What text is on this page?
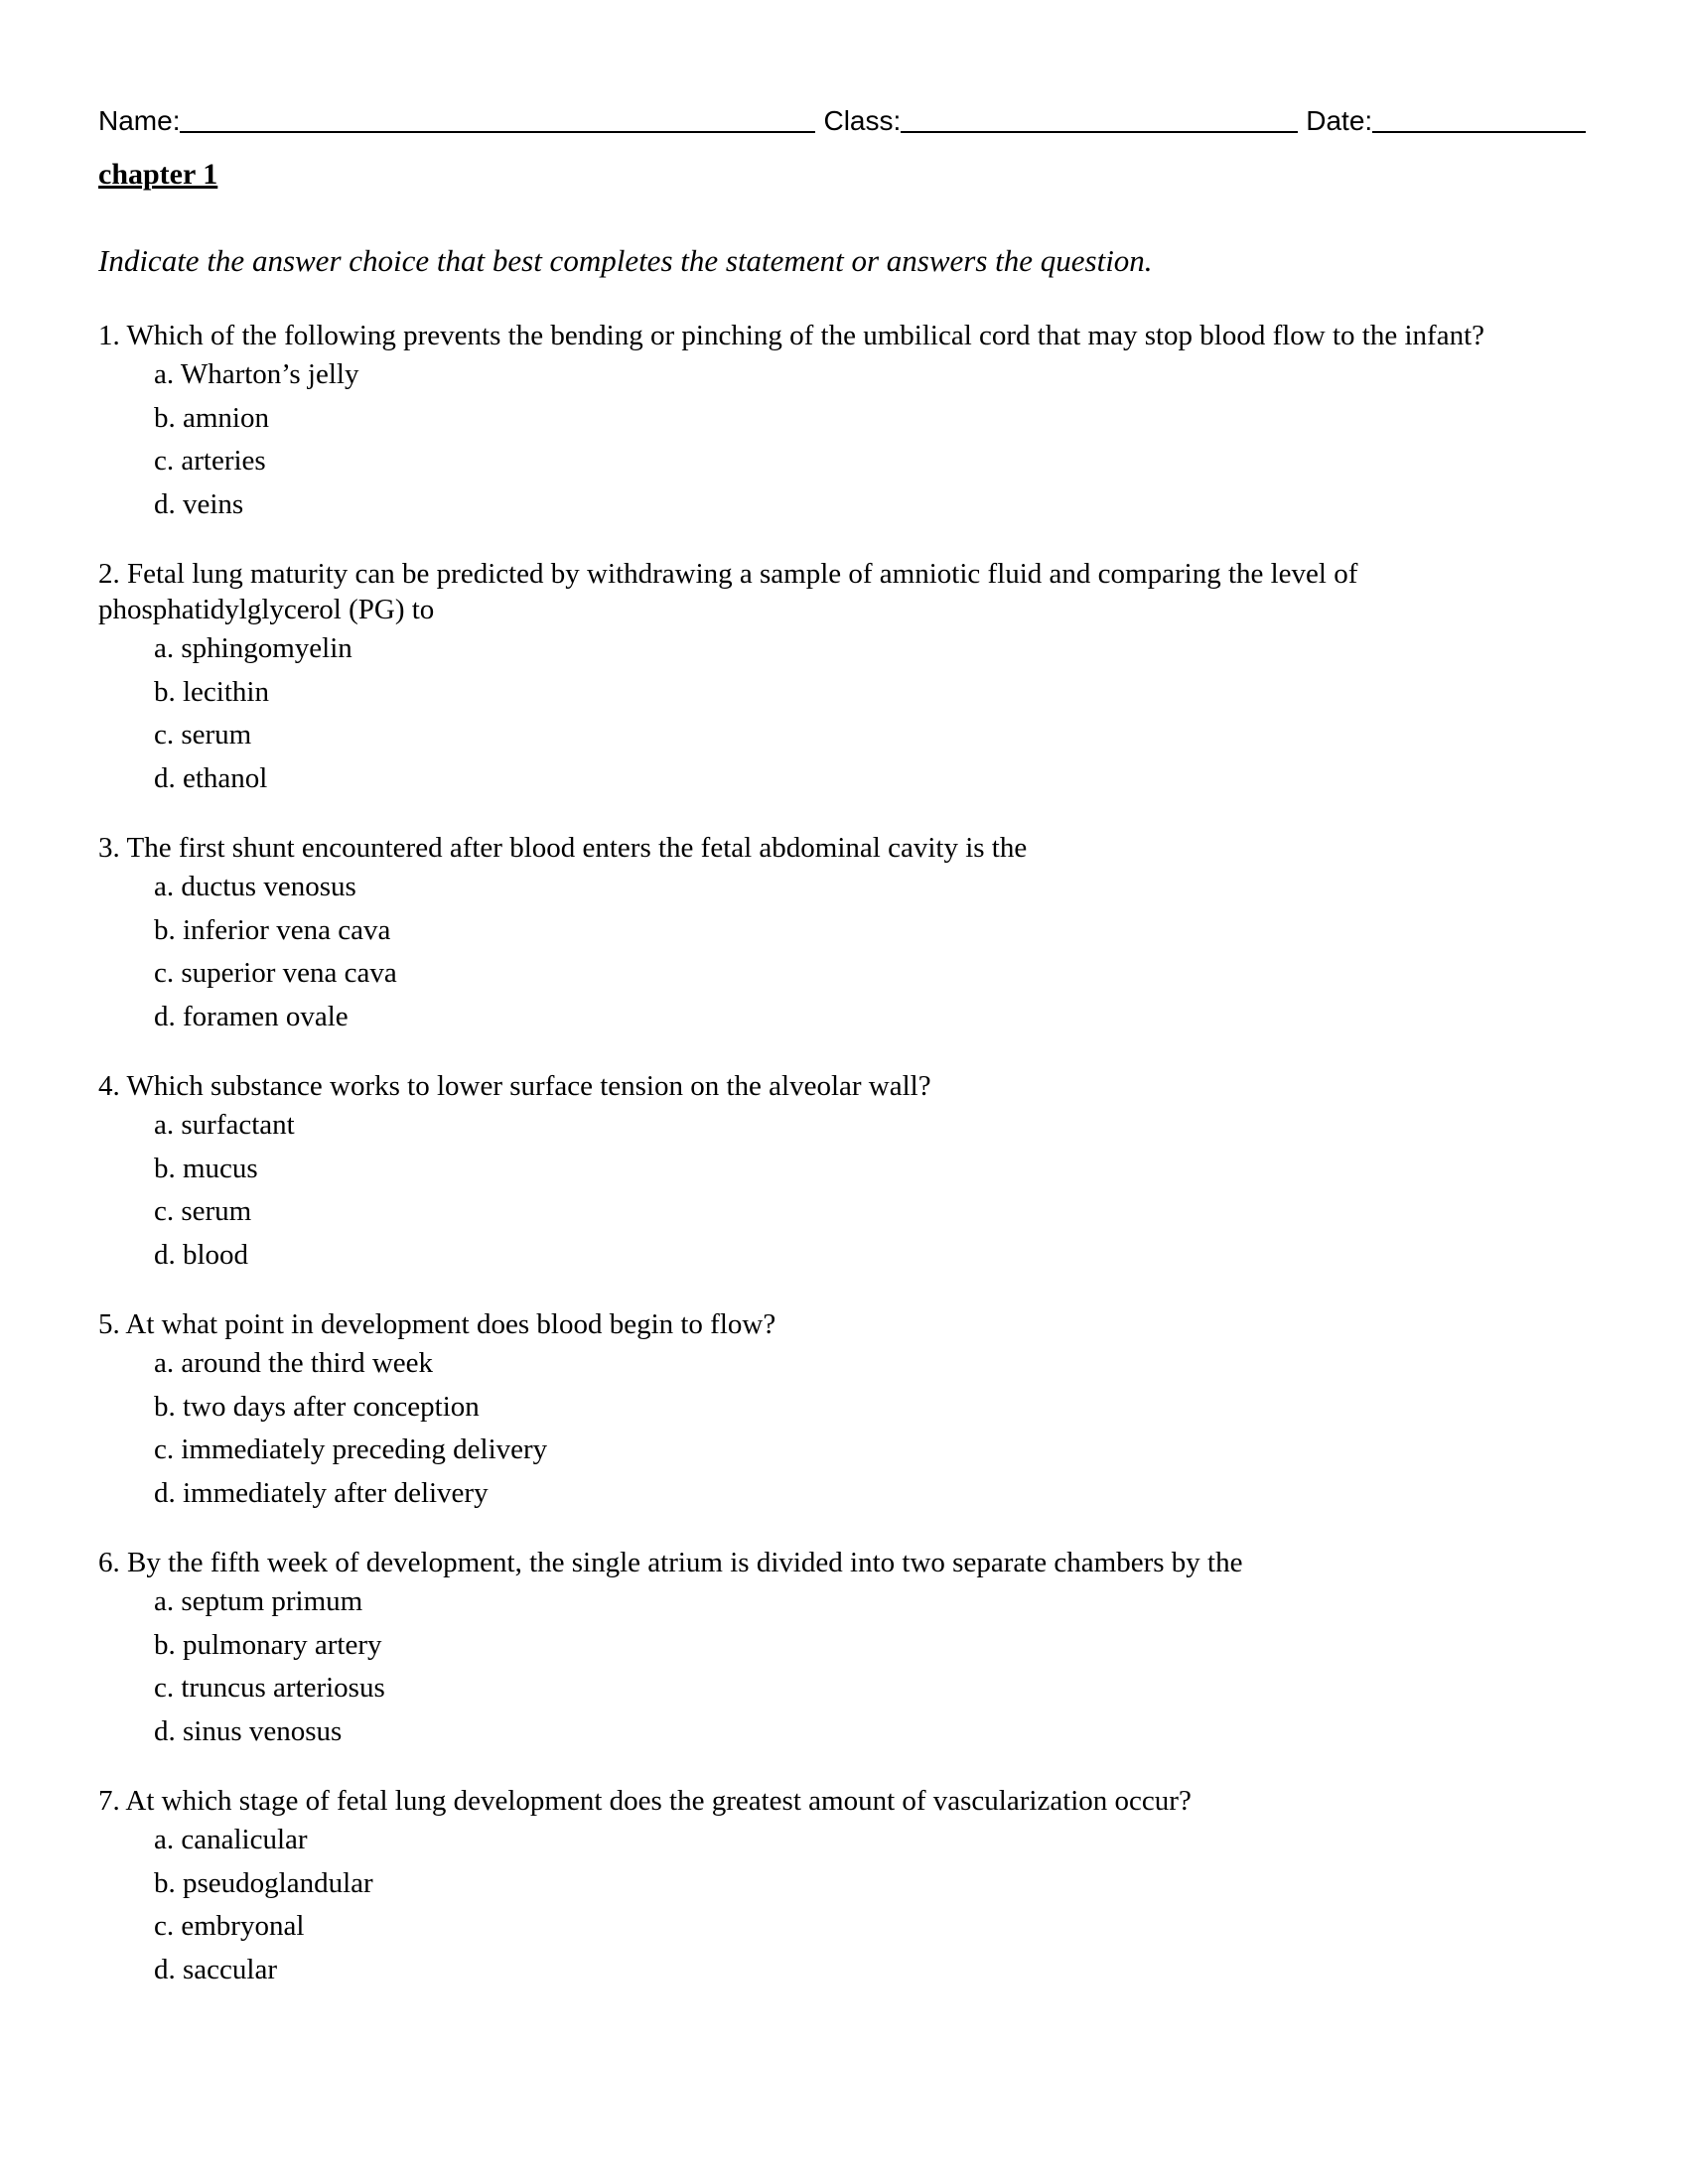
Name:	Class:	Date:
chapter 1
Indicate the answer choice that best completes the statement or answers the question.
1. Which of the following prevents the bending or pinching of the umbilical cord that may stop blood flow to the infant?
a. Wharton’s jelly
b. amnion
c. arteries
d. veins
2. Fetal lung maturity can be predicted by withdrawing a sample of amniotic fluid and comparing the level of phosphatidylglycerol (PG) to
a. sphingomyelin
b. lecithin
c. serum
d. ethanol
3. The first shunt encountered after blood enters the fetal abdominal cavity is the
a. ductus venosus
b. inferior vena cava
c. superior vena cava
d. foramen ovale
4. Which substance works to lower surface tension on the alveolar wall?
a. surfactant
b. mucus
c. serum
d. blood
5. At what point in development does blood begin to flow?
a. around the third week
b. two days after conception
c. immediately preceding delivery
d. immediately after delivery
6. By the fifth week of development, the single atrium is divided into two separate chambers by the
a. septum primum
b. pulmonary artery
c. truncus arteriosus
d. sinus venosus
7. At which stage of fetal lung development does the greatest amount of vascularization occur?
a. canalicular
b. pseudoglandular
c. embryonal
d. saccular
